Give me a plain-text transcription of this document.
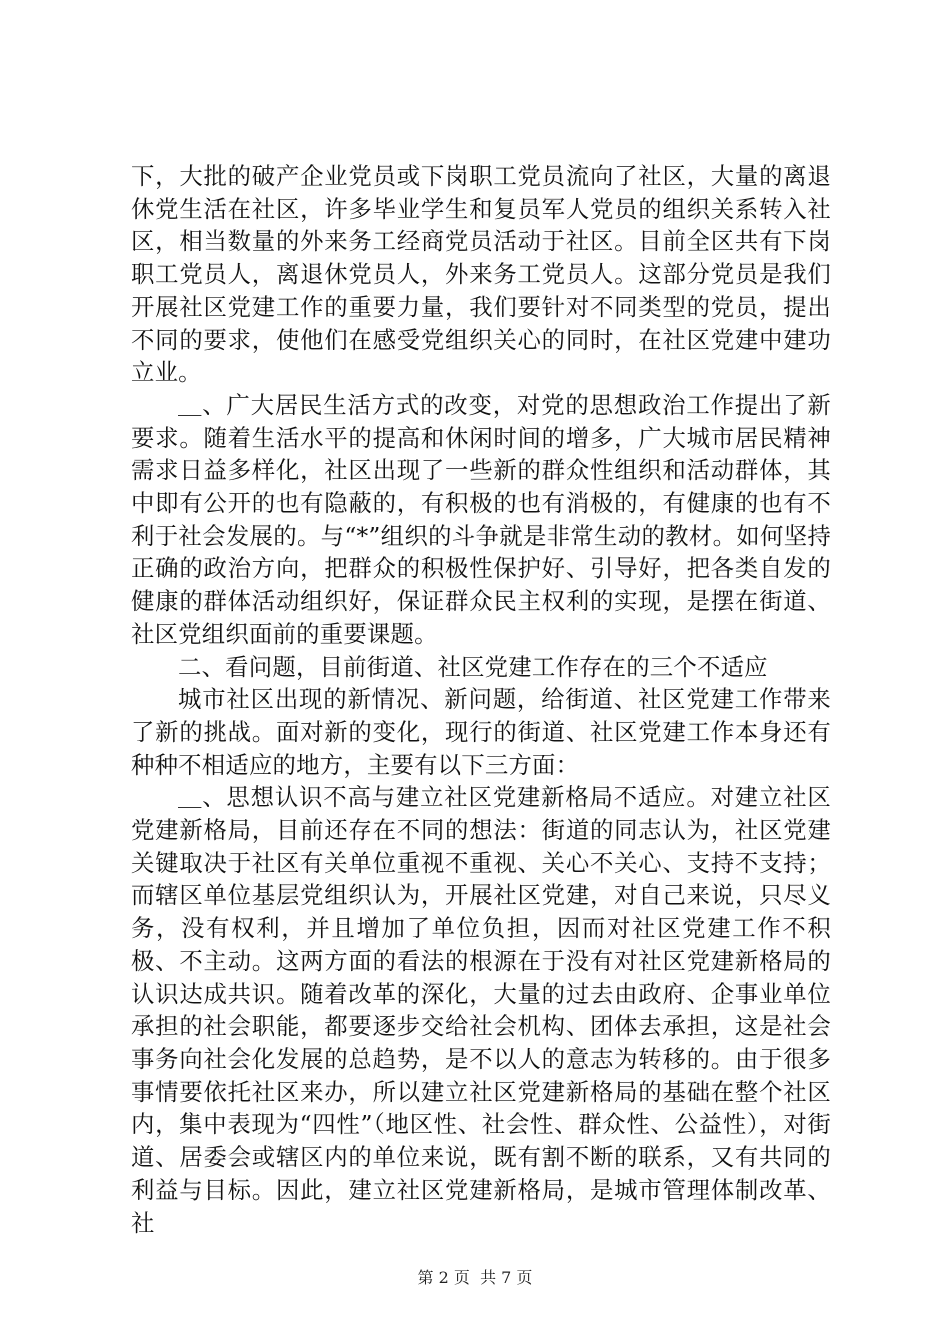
下，大批的破产企业党员或下岗职工党员流向了社区，大量的离退休党生活在社区，许多毕业学生和复员军人党员的组织关系转入社区，相当数量的外来务工经商党员活动于社区。目前全区共有下岗职工党员人，离退休党员人，外来务工党员人。这部分党员是我们开展社区党建工作的重要力量，我们要针对不同类型的党员，提出不同的要求，使他们在感受党组织关心的同时，在社区党建中建功立业。

＿、广大居民生活方式的改变，对党的思想政治工作提出了新要求。随着生活水平的提高和休闲时间的增多，广大城市居民精神需求日益多样化，社区出现了一些新的群众性组织和活动群体，其中即有公开的也有隐蔽的，有积极的也有消极的，有健康的也有不利于社会发展的。与“*”组织的斗争就是非常生动的教材。如何坚持正确的政治方向，把群众的积极性保护好、引导好，把各类自发的健康的群体活动组织好，保证群众民主权利的实现，是摆在街道、社区党组织面前的重要课题。

二、看问题，目前街道、社区党建工作存在的三个不适应

城市社区出现的新情况、新问题，给街道、社区党建工作带来了新的挑战。面对新的变化，现行的街道、社区党建工作本身还有种种不相适应的地方，主要有以下三方面：

＿、思想认识不高与建立社区党建新格局不适应。对建立社区党建新格局，目前还存在不同的想法：街道的同志认为，社区党建关键取决于社区有关单位重视不重视、关心不关心、支持不支持；而辖区单位基层党组织认为，开展社区党建，对自己来说，只尽义务，没有权利，并且增加了单位负担，因而对社区党建工作不积极、不主动。这两方面的看法的根源在于没有对社区党建新格局的认识达成共识。随着改革的深化，大量的过去由政府、企事业单位承担的社会职能，都要逐步交给社会机构、团体去承担，这是社会事务向社会化发展的总趋势，是不以人的意志为转移的。由于很多事情要依托社区来办，所以建立社区党建新格局的基础在整个社区内，集中表现为“四性”（地区性、社会性、群众性、公益性），对街道、居委会或辖区内的单位来说，既有割不断的联系，又有共同的利益与目标。因此，建立社区党建新格局，是城市管理体制改革、社

第 2 页  共 7 页
